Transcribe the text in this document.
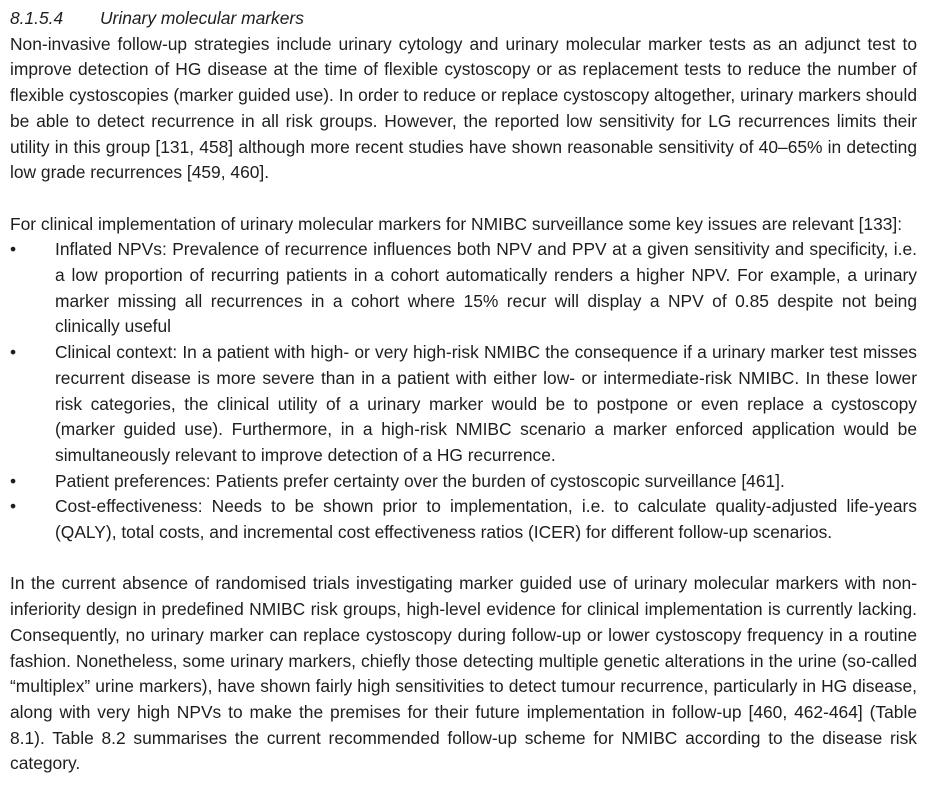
8.1.5.4 Urinary molecular markers

Non-invasive follow-up strategies include urinary cytology and urinary molecular marker tests as an adjunct test to improve detection of HG disease at the time of flexible cystoscopy or as replacement tests to reduce the number of flexible cystoscopies (marker guided use). In order to reduce or replace cystoscopy altogether, urinary markers should be able to detect recurrence in all risk groups. However, the reported low sensitivity for LG recurrences limits their utility in this group [131, 458] although more recent studies have shown reasonable sensitivity of 40–65% in detecting low grade recurrences [459, 460].

For clinical implementation of urinary molecular markers for NMIBC surveillance some key issues are relevant [133]:

•	Inflated NPVs: Prevalence of recurrence influences both NPV and PPV at a given sensitivity and specificity, i.e. a low proportion of recurring patients in a cohort automatically renders a higher NPV. For example, a urinary marker missing all recurrences in a cohort where 15% recur will display a NPV of 0.85 despite not being clinically useful
•	Clinical context: In a patient with high- or very high-risk NMIBC the consequence if a urinary marker test misses recurrent disease is more severe than in a patient with either low- or intermediate-risk NMIBC. In these lower risk categories, the clinical utility of a urinary marker would be to postpone or even replace a cystoscopy (marker guided use). Furthermore, in a high-risk NMIBC scenario a marker enforced application would be simultaneously relevant to improve detection of a HG recurrence.
•	Patient preferences: Patients prefer certainty over the burden of cystoscopic surveillance [461].
•	Cost-effectiveness: Needs to be shown prior to implementation, i.e. to calculate quality-adjusted life-years (QALY), total costs, and incremental cost effectiveness ratios (ICER) for different follow-up scenarios.

In the current absence of randomised trials investigating marker guided use of urinary molecular markers with non-inferiority design in predefined NMIBC risk groups, high-level evidence for clinical implementation is currently lacking. Consequently, no urinary marker can replace cystoscopy during follow-up or lower cystoscopy frequency in a routine fashion. Nonetheless, some urinary markers, chiefly those detecting multiple genetic alterations in the urine (so-called “multiplex” urine markers), have shown fairly high sensitivities to detect tumour recurrence, particularly in HG disease, along with very high NPVs to make the premises for their future implementation in follow-up [460, 462-464] (Table 8.1). Table 8.2 summarises the current recommended follow-up scheme for NMIBC according to the disease risk category.
